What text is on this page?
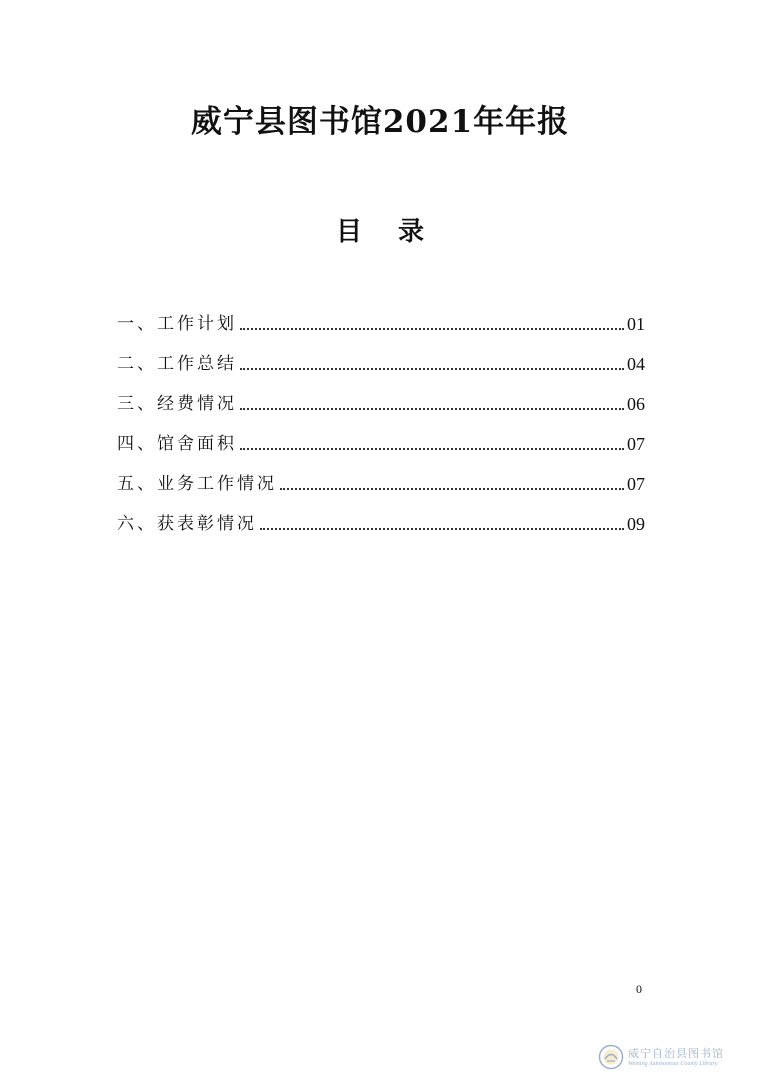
威宁县图书馆2021年年报
目录
一、工作计划	01
二、工作总结	04
三、经费情况	06
四、馆舍面积	07
五、业务工作情况	07
六、获表彰情况	09
0
威宁自治县图书馆
Weining Autonomous County Library
